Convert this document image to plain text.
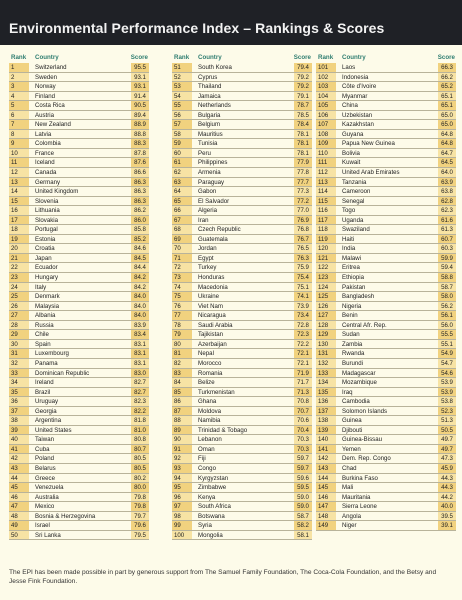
Environmental Performance Index – Rankings & Scores
Rank Country	Score
1	Switzerland	95.5
2	Sweden	93.1
3	Norway	93.1
4	Finland	91.4
5	Costa Rica	90.5
6	Austria	89.4
7	New Zealand	88.9
8	Latvia	88.8
9	Colombia	88.3
10	France	87.8
11	Iceland	87.6
12	Canada	86.6
13	Germany	86.3
14	United Kingdom	86.3
15	Slovenia	86.3
16	Lithuania	86.2
17	Slovakia	86.0
18	Portugal	85.8
19	Estonia	85.2
20	Croatia	84.6
21	Japan	84.5
22	Ecuador	84.4
23	Hungary	84.2
24	Italy	84.2
25	Denmark	84.0
26	Malaysia	84.0
27	Albania	84.0
28	Russia	83.9
29	Chile	83.4
30	Spain	83.1
31	Luxembourg	83.1
32	Panama	83.1
33	Dominican Republic	83.0
34	Ireland	82.7
35	Brazil	82.7
36	Uruguay	82.3
37	Georgia	82.2
38	Argentina	81.8
39	United States	81.0
40	Taiwan	80.8
41	Cuba	80.7
42	Poland	80.5
43	Belarus	80.5
44	Greece	80.2
45	Venezuela	80.0
46	Australia	79.8
47	Mexico	79.8
48	Bosnia & Herzegovina	79.7
49	Israel	79.6
50	Sri Lanka	79.5
Rank Country	Score
51	South Korea	79.4
52	Cyprus	79.2
53	Thailand	79.2
54	Jamaica	79.1
55	Netherlands	78.7
56	Bulgaria	78.5
57	Belgium	78.4
58	Mauritius	78.1
59	Tunisia	78.1
60	Peru	78.1
61	Philippines	77.9
62	Armenia	77.8
63	Paraguay	77.7
64	Gabon	77.3
65	El Salvador	77.2
66	Algeria	77.0
67	Iran	76.9
68	Czech Republic	76.8
69	Guatemala	76.7
70	Jordan	76.5
71	Egypt	76.3
72	Turkey	75.9
73	Honduras	75.4
74	Macedonia	75.1
75	Ukraine	74.1
76	Viet Nam	73.9
77	Nicaragua	73.4
78	Saudi Arabia	72.8
79	Tajikistan	72.3
80	Azerbaijan	72.2
81	Nepal	72.1
82	Morocco	72.1
83	Romania	71.9
84	Belize	71.7
85	Turkmenistan	71.3
86	Ghana	70.8
87	Moldova	70.7
88	Namibia	70.6
89	Trinidad & Tobago	70.4
90	Lebanon	70.3
91	Oman	70.3
92	Fiji	59.7
93	Congo	59.7
94	Kyrgyzstan	59.6
95	Zimbabwe	59.5
96	Kenya	59.0
97	South Africa	59.0
98	Botswana	58.7
99	Syria	58.2
100	Mongolia	58.1
Rank Country	Score
101	Laos	66.3
102	Indonesia	66.2
103	Côte d’Ivoire	65.2
104	Myanmar	65.1
105	China	65.1
106	Uzbekistan	65.0
107	Kazakhstan	65.0
108	Guyana	64.8
109	Papua New Guinea	64.8
110	Bolivia	64.7
111	Kuwait	64.5
112	United Arab Emirates	64.0
113	Tanzania	63.9
114	Cameroon	63.8
115	Senegal	62.8
116	Togo	62.3
117	Uganda	61.6
118	Swaziland	61.3
119	Haiti	60.7
120	India	60.3
121	Malawi	59.9
122	Eritrea	59.4
123	Ethiopia	58.8
124	Pakistan	58.7
125	Bangladesh	58.0
126	Nigeria	56.2
127	Benin	56.1
128	Central Afr. Rep.	56.0
129	Sudan	55.5
130	Zambia	55.1
131	Rwanda	54.9
132	Burundi	54.7
133	Madagascar	54.6
134	Mozambique	53.9
135	Iraq	53.9
136	Cambodia	53.8
137	Solomon Islands	52.3
138	Guinea	51.3
139	Djibouti	50.5
140	Guinea-Bissau	49.7
141	Yemen	49.7
142	Dem. Rep. Congo	47.3
143	Chad	45.9
144	Burkina Faso	44.3
145	Mali	44.3
146	Mauritania	44.2
147	Sierra Leone	40.0
148	Angola	39.5
149	Niger	39.1
The EPI has been made possible in part by generous support from The Samuel Family Foundation, The Coca-Cola Foundation, and the Betsy and Jesse Fink Foundation.
